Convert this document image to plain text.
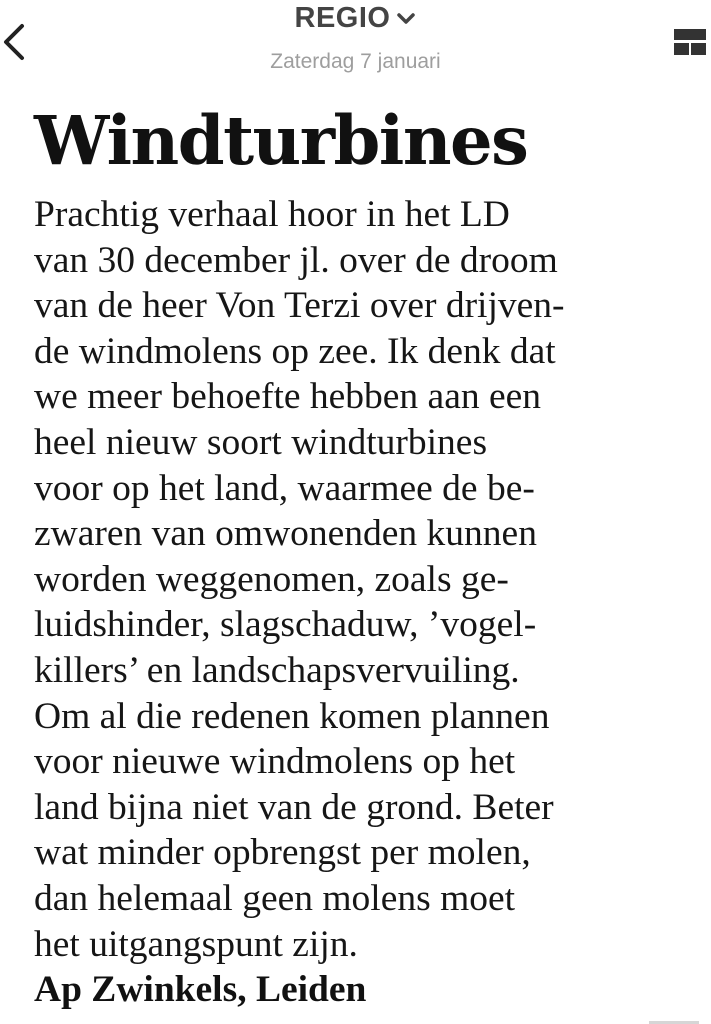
REGIO
Zaterdag 7 januari
Windturbines

Prachtig verhaal hoor in het LD
van 30 december jl. over de droom
van de heer Von Terzi over drijven-
de windmolens op zee. Ik denk dat
we meer behoefte hebben aan een
heel nieuw soort windturbines
voor op het land, waarmee de be-
zwaren van omwonenden kunnen
worden weggenomen, zoals ge-
luidshinder, slagschaduw, ’vogel-
killers’ en landschapsvervuiling.
Om al die redenen komen plannen
voor nieuwe windmolens op het
land bijna niet van de grond. Beter
wat minder opbrengst per molen,
dan helemaal geen molens moet
het uitgangspunt zijn.

Ap Zwinkels, Leiden
